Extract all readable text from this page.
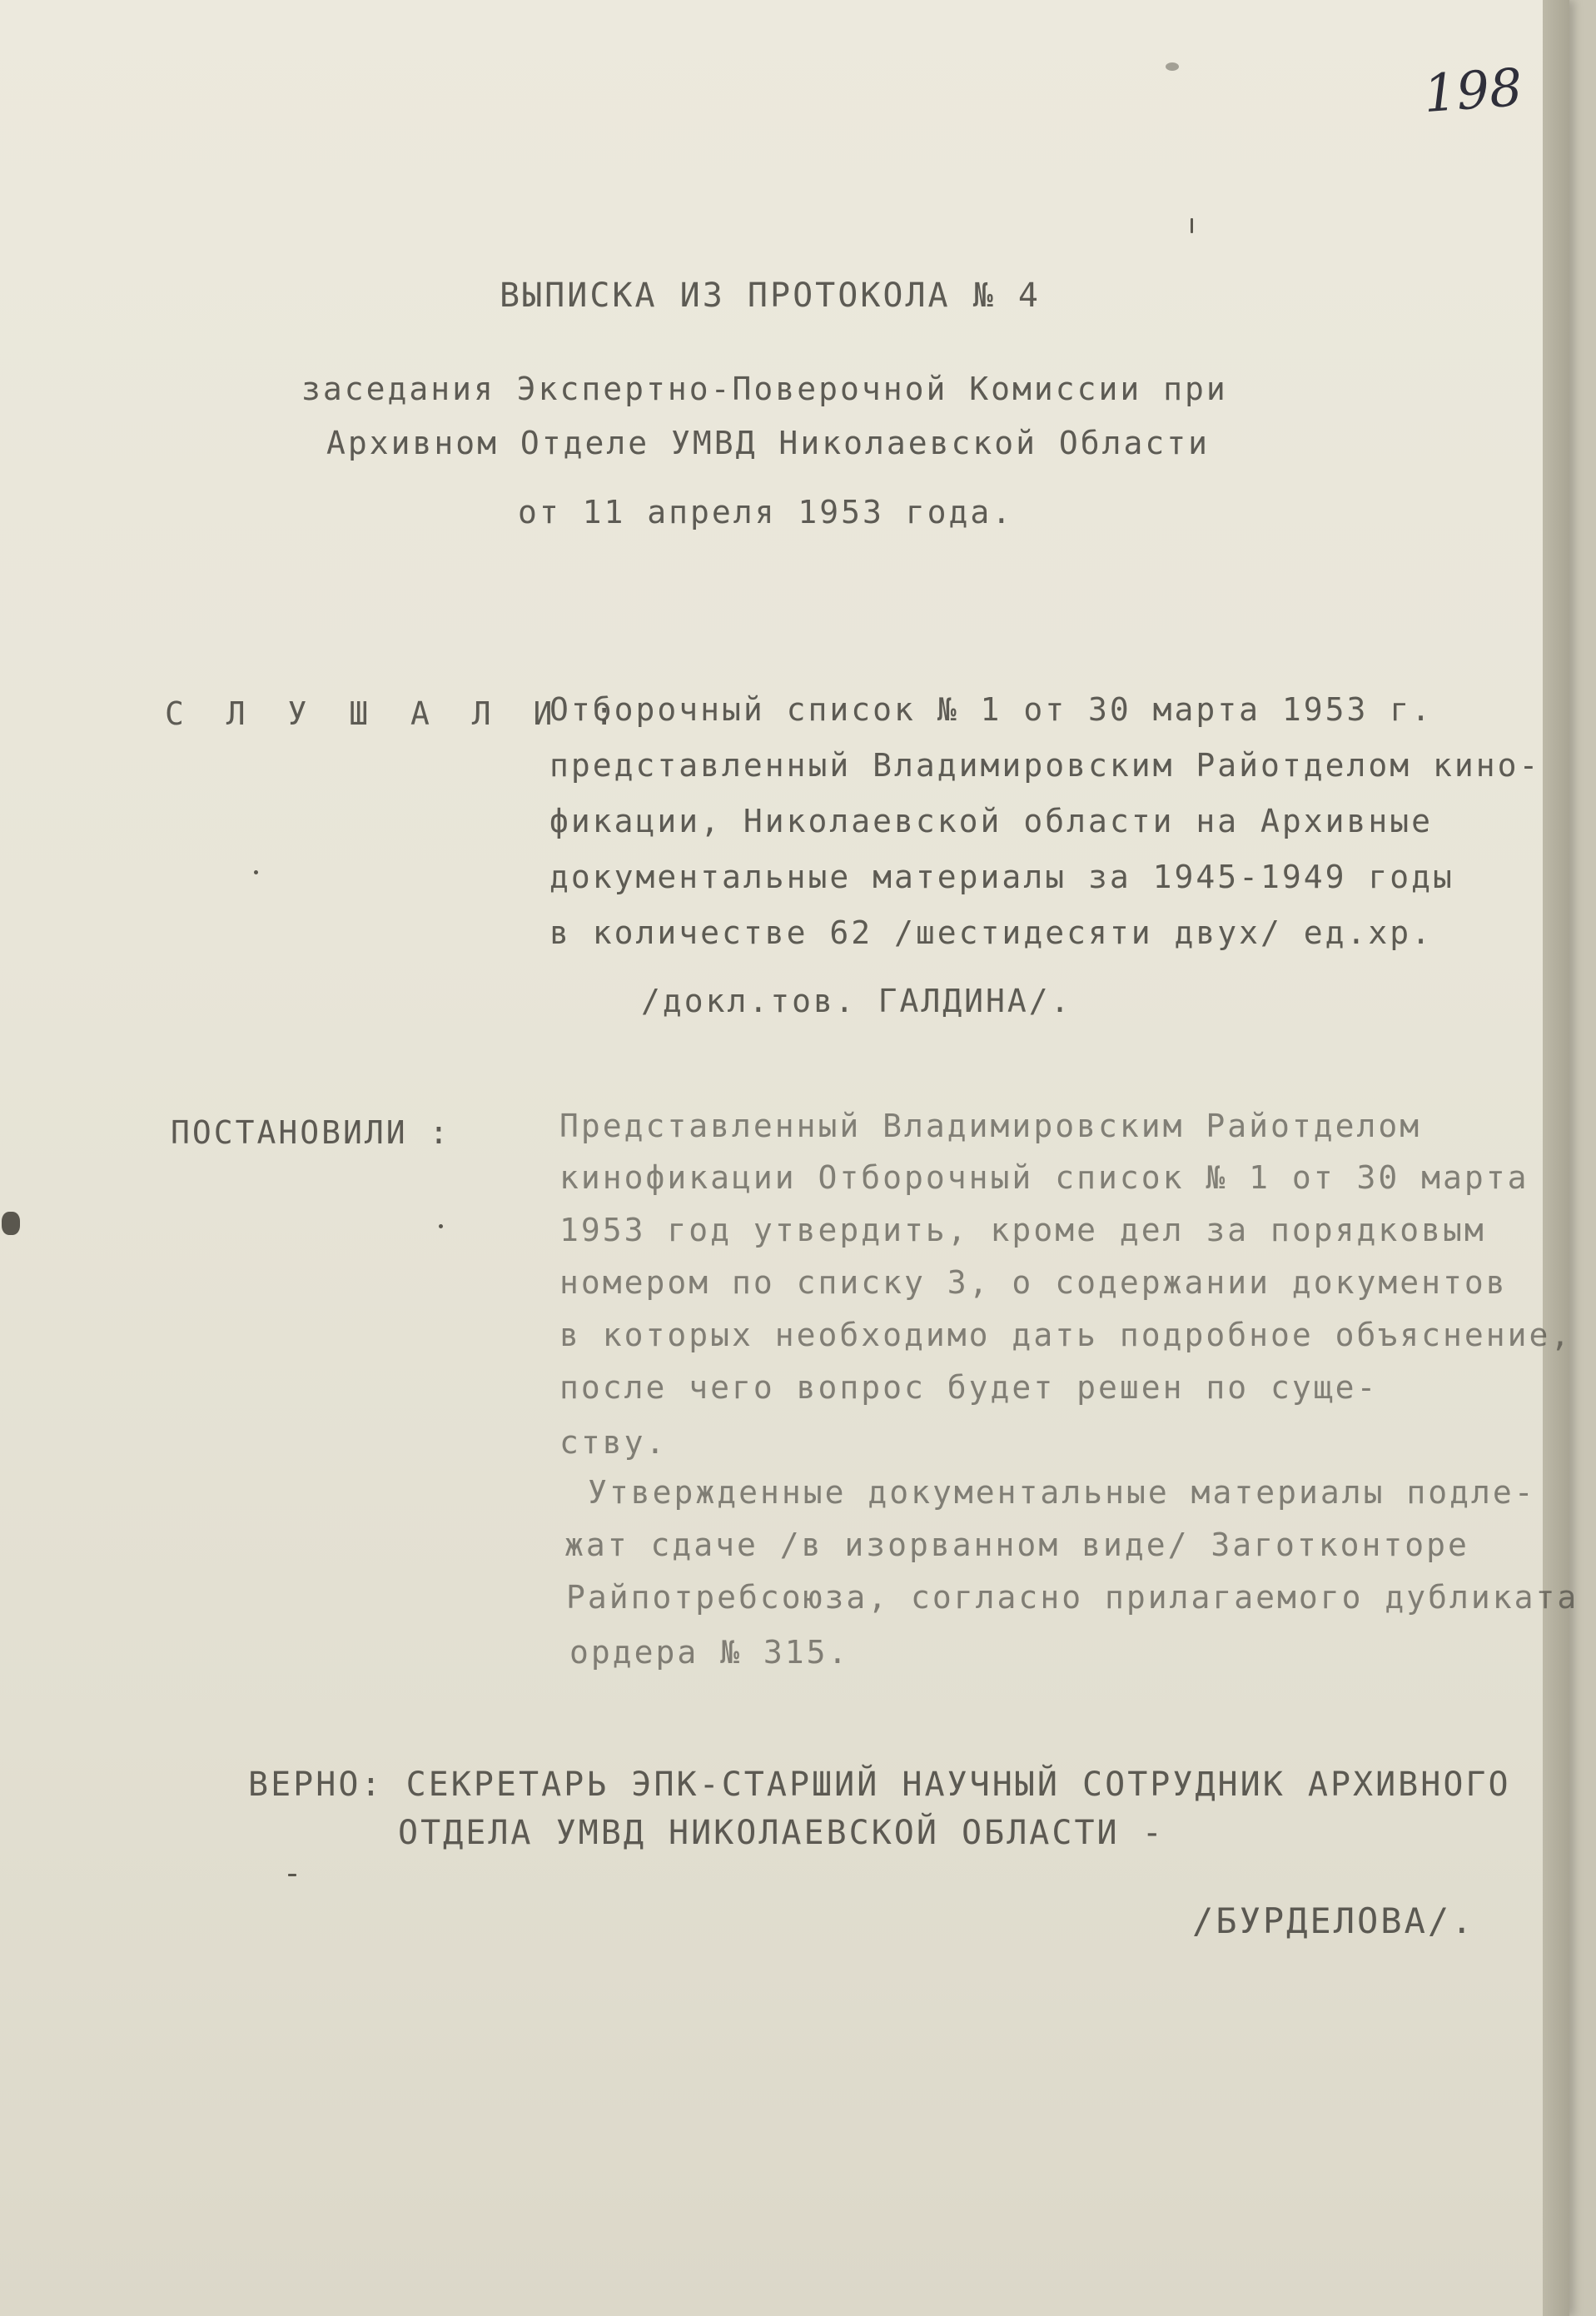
198
ВЫПИСКА ИЗ ПРОТОКОЛА № 4
заседания Экспертно-Поверочной Комиссии при
Архивном Отделе УМВД Николаевской Области
от 11 апреля 1953 года.
С Л У Ш А Л И :
Отборочный список № 1 от 30 марта 1953 г.
представленный Владимировским Райотделом кино-
фикации, Николаевской области на Архивные
документальные материалы за 1945-1949 годы
в количестве 62 /шестидесяти двух/ ед.хр.
/докл.тов. ГАЛДИНА/.
ПОСТАНОВИЛИ :	Представленный Владимировским Райотделом
кинофикации Отборочный список № 1 от 30 марта
1953 год утвердить, кроме дел за порядковым
номером по списку 3, о содержании документов
в которых необходимо дать подробное объяснение,
после чего вопрос будет решен по суще-
ству.
Утвержденные документальные материалы подле-
жат сдаче /в изорванном виде/ Заготконторе
Райпотребсоюза, согласно прилагаемого дубликата
ордера № 315.
ВЕРНО: СЕКРЕТАРЬ ЭПК-СТАРШИЙ НАУЧНЫЙ СОТРУДНИК АРХИВНОГО
ОТДЕЛА УМВД НИКОЛАЕВСКОЙ ОБЛАСТИ -
/БУРДЕЛОВА/.
